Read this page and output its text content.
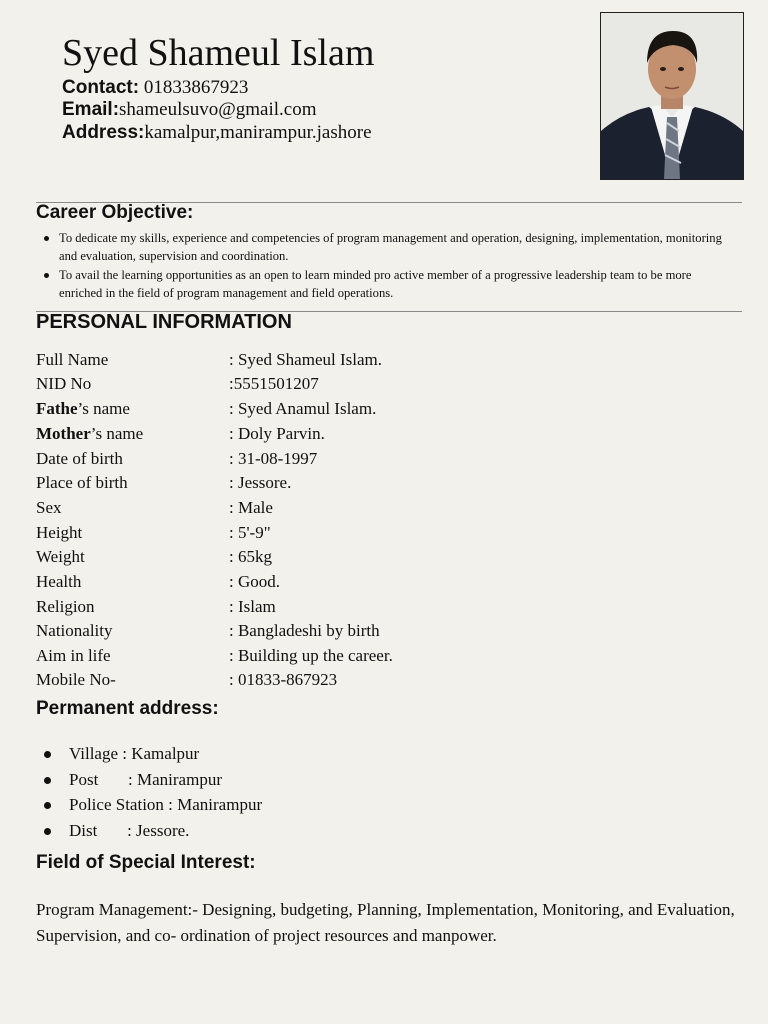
Syed Shameul Islam
Contact: 01833867923
Email:shameulsuvo@gmail.com
Address:kamalpur,manirampur.jashore
Career Objective:
To dedicate my skills, experience and competencies of program management and operation, designing, implementation, monitoring and evaluation, supervision and coordination.
To avail the learning opportunities as an open to learn minded pro active member of a progressive leadership team to be more enriched in the field of program management and field operations.
PERSONAL INFORMATION
Full Name	: Syed Shameul Islam.
NID No	:5551501207
Fathe’s name	: Syed Anamul Islam.
Mother’s name	: Doly Parvin.
Date of birth	: 31-08-1997
Place of birth	: Jessore.
Sex	: Male
Height	: 5'-9"
Weight	: 65kg
Health	: Good.
Religion	: Islam
Nationality	: Bangladeshi by birth
Aim in life	: Building up the career.
Mobile No-	: 01833-867923
Permanent address:
Village : Kamalpur
Post       : Manirampur
Police Station : Manirampur
Dist       : Jessore.
Field of Special Interest:
Program Management:- Designing, budgeting, Planning, Implementation, Monitoring, and Evaluation, Supervision, and co- ordination of project resources and manpower.
